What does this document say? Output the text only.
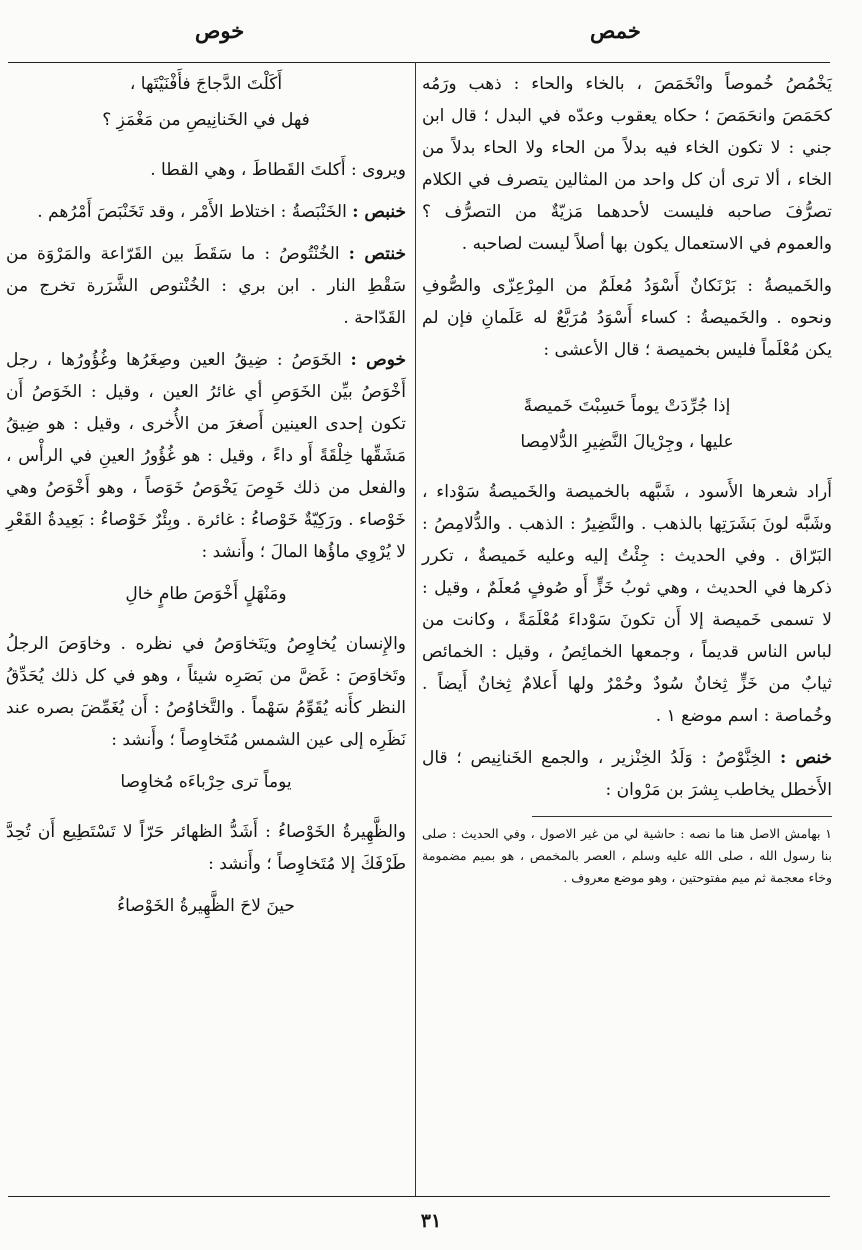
خمص
خوص

يَخْمُصُ خُموصاً وانْخَمَصَ ، بالخاء والحاء : ذهب ورَمُه كحَمَصَ وانحَمَصَ ؛ حكاه يعقوب وعدّه في البدل ؛ قال ابن جني : لا تكون الخاء فيه بدلاً من الحاء ولا الحاء بدلاً من الخاء ، ألا ترى أن كل واحد من المثالين يتصرف في الكلام تصرُّفَ صاحبه فليست لأحدهما مَزيّةٌ من التصرُّف ؟ والعموم في الاستعمال يكون بها أصلاً ليست لصاحبه .

والخَميصةُ : بَرْنَكانٌ أَسْوَدُ مُعلَمٌ من المِرْعِزّى والصُّوفِ ونحوه . والخَميصةُ : كساء أَسْوَدُ مُرَبَّعٌ له عَلَمانِ فإن لم يكن مُعْلَماً فليس بخميصة ؛ قال الأعشى :

إذا جُرِّدَتْ يوماً حَسِبْتَ خَميصةً
عليها ، وجِرْيالَ النَّضِيرِ الدُّلامِصا

أَراد شعرها الأَسود ، شَبَّهه بالخميصة والخَميصةُ سَوْداء ، وشَبَّه لونَ بَشَرَتِها بالذهب . والنَّضِيرُ : الذهب . والدُّلامِصُ : البَرّاق . وفي الحديث : جِئْتُ إليه وعليه خَميصةٌ ، تكرر ذكرها في الحديث ، وهي ثوبُ خَزٍّ أَو صُوفٍ مُعلَمٌ ، وقيل : لا تسمى خَميصة إلا أَن تكونَ سَوْداءَ مُعْلَمَةً ، وكانت من لباس الناس قديماً ، وجمعها الخمائِصُ ، وقيل : الخمائص ثيابٌ من خَزٍّ ثِخانٌ سُودٌ وحُمْرٌ ولها أَعلامٌ ثِخانٌ أَيضاً . وخُماصة : اسم موضع ١ .

خنص : الخِنَّوْصُ : وَلَدُ الخِنْزير ، والجمع الخَنانِيص ؛ قال الأَخطل يخاطب بِشرَ بن مَرْوان :

١ بهامش الاصل هنا ما نصه : حاشية لي من غير الاصول ، وفي الحديث : صلى بنا رسول الله ، صلى الله عليه وسلم ، العصر بالمخمص ، هو بميم مضمومة وخاء معجمة ثم ميم مفتوحتين ، وهو موضع معروف .

أَكَلْتَ الدَّجاجَ فأَفْنَيْتَها ،
فهل في الخَنانِيصِ من مَغْمَزِ ؟

ويروى : أَكلتَ القَطاطَ ، وهي القطا .

خنبص : الخَنْبَصةُ : اختلاط الأَمْر ، وقد تَخَنْبَصَ أَمْرُهم .

خنتص : الخُنْتُوصُ : ما سَقَطَ بين القَرّاعة والمَرْوَة من سَقْطِ النار . ابن بري : الخُنْتوص الشَّرَرة تخرج من القَدّاحة .

خوص : الخَوَصُ : ضِيقُ العين وصِغَرُها وغُؤُورُها ، رجل أَخْوَصُ بيِّن الخَوَصِ أي غائرُ العين ، وقيل : الخَوَصُ أَن تكون إحدى العينين أَصغرَ من الأُخرى ، وقيل : هو ضِيقُ مَشَقِّها خِلْقَةً أَو داءً ، وقيل : هو غُؤُورُ العينِ في الرأْس ، والفعل من ذلك خَوِصَ يَخْوَصُ خَوَصاً ، وهو أَخْوَصُ وهي خَوْصاء . ورَكِيّةٌ خَوْصاءُ : غائرة . وبِئْرٌ خَوْصاءُ : بَعِيدةُ القَعْرِ لا يُرْوِي ماؤُها المالَ ؛ وأَنشد :

ومَنْهَلٍ أَخْوَصَ طامٍ خالِ

والإِنسان يُخاوِصُ ويَتَخاوَصُ في نظره . وخاوَصَ الرجلُ وتَخاوَصَ : غَضَّ من بَصَرِه شيئاً ، وهو في كل ذلك يُحَدِّقُ النظر كأَنه يُقَوِّمُ سَهْماً . والتَّخاوُصُ : أَن يُغَمِّضَ بصره عند نَظَرِه إلى عين الشمس مُتَخاوِصاً ؛ وأَنشد :

يوماً ترى حِرْباءَه مُخاوِصا

والظَّهِيرةُ الخَوْصاءُ : أَشَدُّ الظهائر حَرّاً لا تَسْتَطِيع أَن تُحِدَّ طَرْفَكَ إلا مُتَخاوِصاً ؛ وأَنشد :

حينَ لاحَ الظَّهِيرةُ الخَوْصاءُ
٣١
